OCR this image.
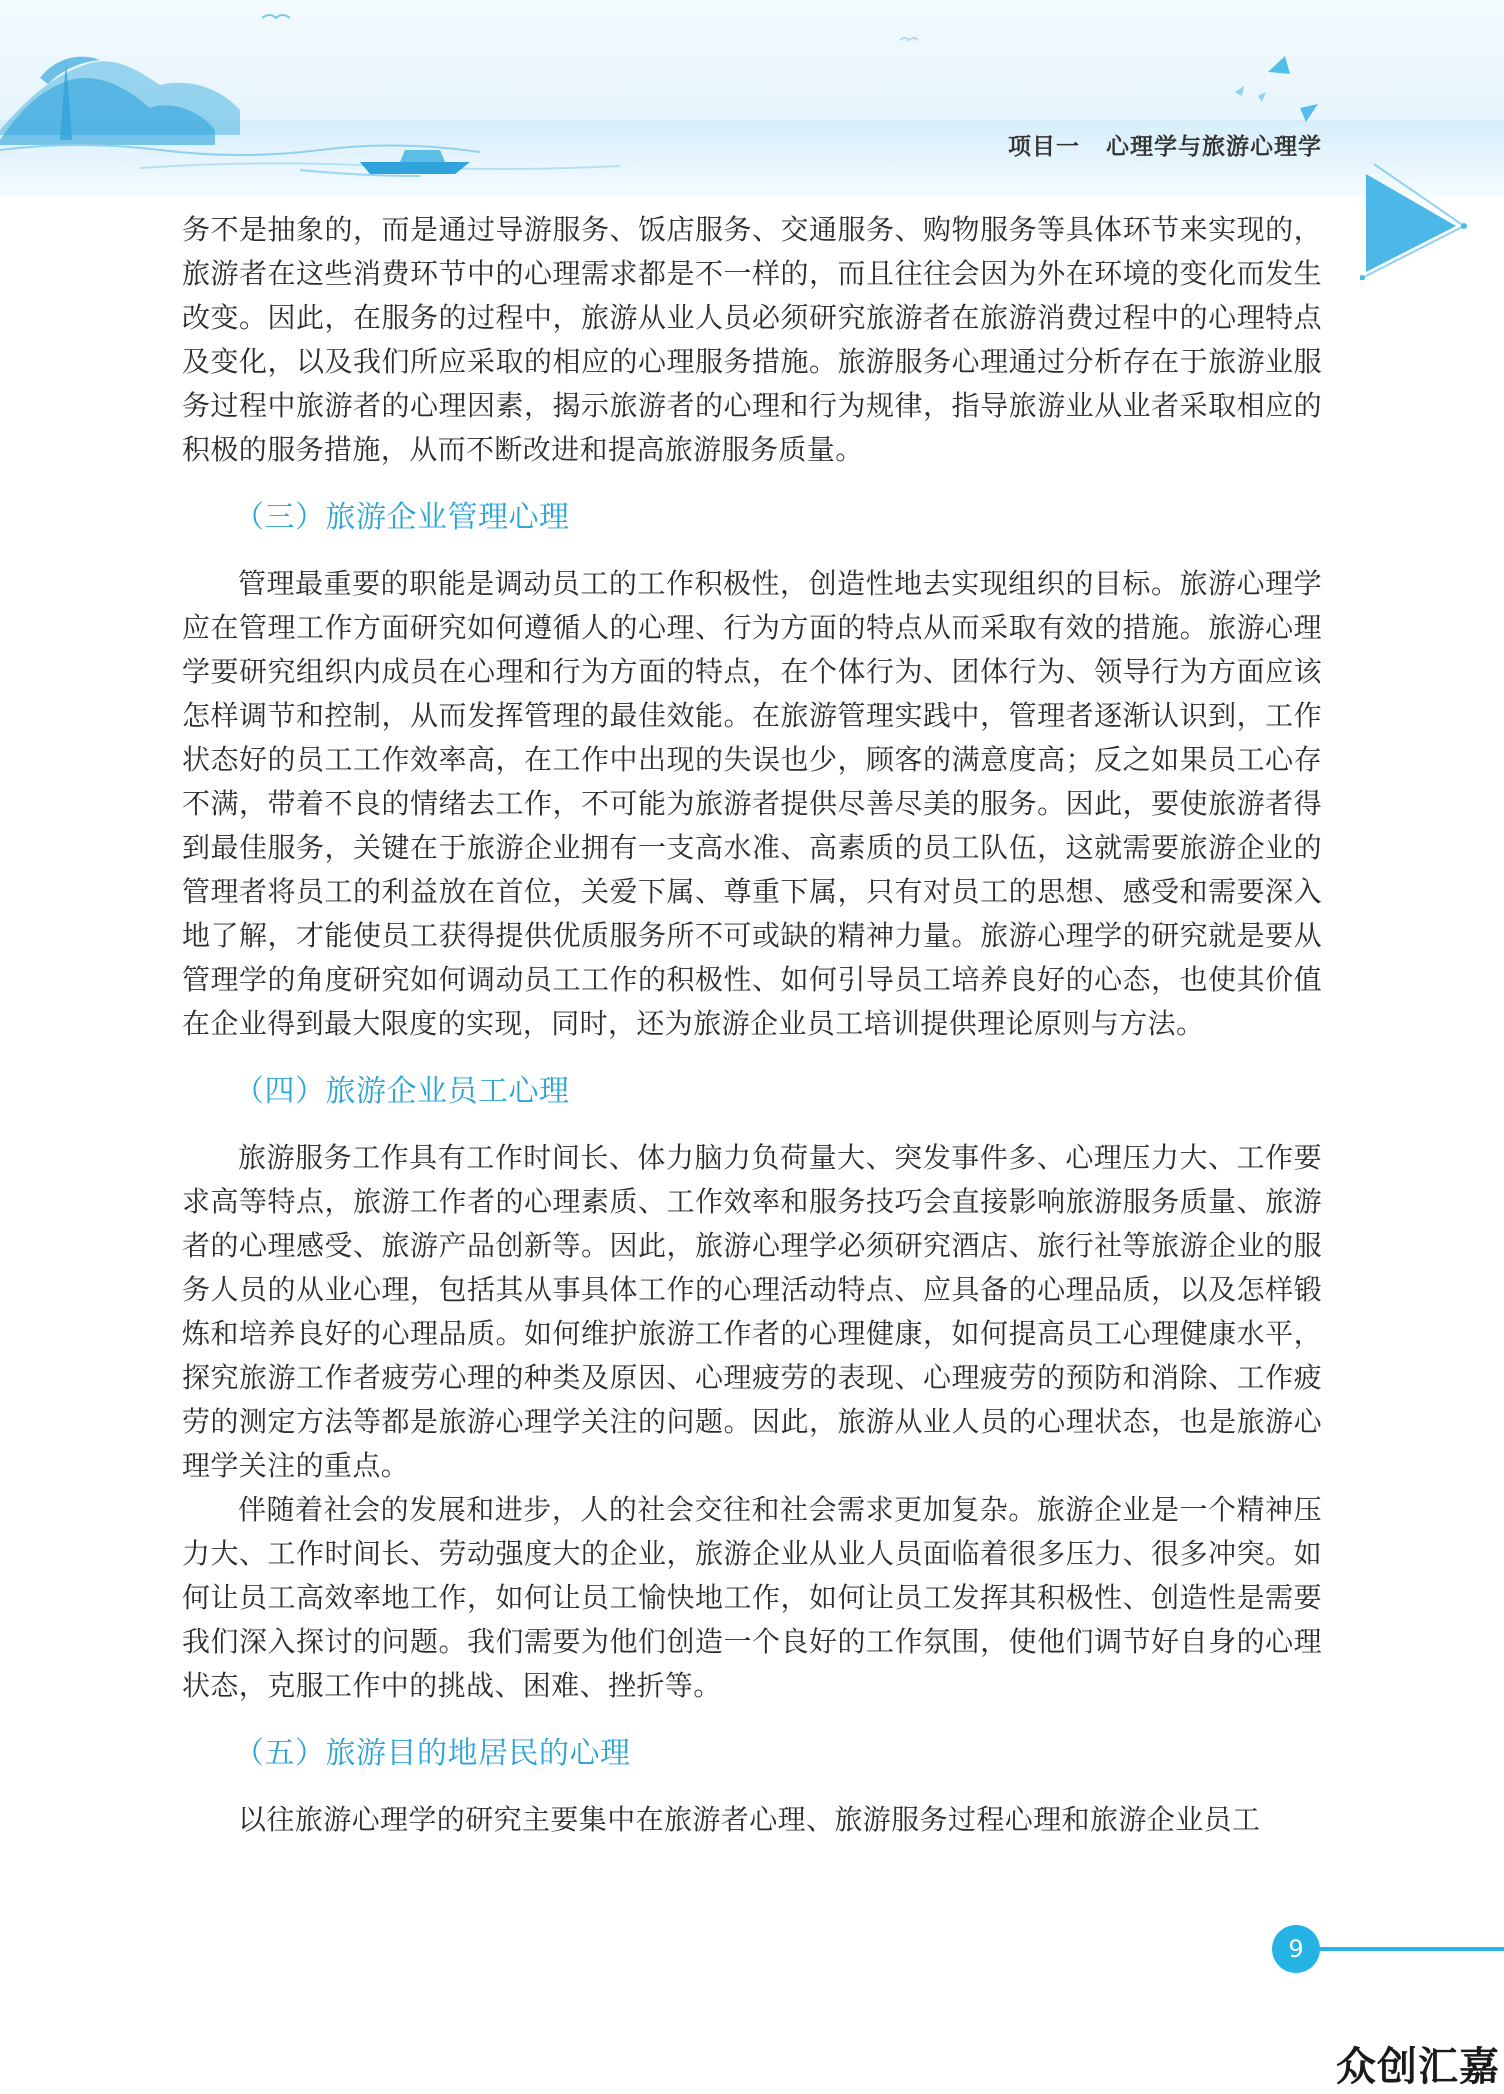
项目一 心理学与旅游心理学

务不是抽象的，而是通过导游服务、饭店服务、交通服务、购物服务等具体环节来实现的，旅游者在这些消费环节中的心理需求都是不一样的，而且往往会因为外在环境的变化而发生改变。因此，在服务的过程中，旅游从业人员必须研究旅游者在旅游消费过程中的心理特点及变化，以及我们所应采取的相应的心理服务措施。旅游服务心理通过分析存在于旅游业服务过程中旅游者的心理因素，揭示旅游者的心理和行为规律，指导旅游业从业者采取相应的积极的服务措施，从而不断改进和提高旅游服务质量。

（三）旅游企业管理心理

管理最重要的职能是调动员工的工作积极性，创造性地去实现组织的目标。旅游心理学应在管理工作方面研究如何遵循人的心理、行为方面的特点从而采取有效的措施。旅游心理学要研究组织内成员在心理和行为方面的特点，在个体行为、团体行为、领导行为方面应该怎样调节和控制，从而发挥管理的最佳效能。在旅游管理实践中，管理者逐渐认识到，工作状态好的员工工作效率高，在工作中出现的失误也少，顾客的满意度高；反之如果员工心存不满，带着不良的情绪去工作，不可能为旅游者提供尽善尽美的服务。因此，要使旅游者得到最佳服务，关键在于旅游企业拥有一支高水准、高素质的员工队伍，这就需要旅游企业的管理者将员工的利益放在首位，关爱下属、尊重下属，只有对员工的思想、感受和需要深入地了解，才能使员工获得提供优质服务所不可或缺的精神力量。旅游心理学的研究就是要从管理学的角度研究如何调动员工工作的积极性、如何引导员工培养良好的心态，也使其价值在企业得到最大限度的实现，同时，还为旅游企业员工培训提供理论原则与方法。

（四）旅游企业员工心理

旅游服务工作具有工作时间长、体力脑力负荷量大、突发事件多、心理压力大、工作要求高等特点，旅游工作者的心理素质、工作效率和服务技巧会直接影响旅游服务质量、旅游者的心理感受、旅游产品创新等。因此，旅游心理学必须研究酒店、旅行社等旅游企业的服务人员的从业心理，包括其从事具体工作的心理活动特点、应具备的心理品质，以及怎样锻炼和培养良好的心理品质。如何维护旅游工作者的心理健康，如何提高员工心理健康水平，探究旅游工作者疲劳心理的种类及原因、心理疲劳的表现、心理疲劳的预防和消除、工作疲劳的测定方法等都是旅游心理学关注的问题。因此，旅游从业人员的心理状态，也是旅游心理学关注的重点。

伴随着社会的发展和进步，人的社会交往和社会需求更加复杂。旅游企业是一个精神压力大、工作时间长、劳动强度大的企业，旅游企业从业人员面临着很多压力、很多冲突。如何让员工高效率地工作，如何让员工愉快地工作，如何让员工发挥其积极性、创造性是需要我们深入探讨的问题。我们需要为他们创造一个良好的工作氛围，使他们调节好自身的心理状态，克服工作中的挑战、困难、挫折等。

（五）旅游目的地居民的心理

以往旅游心理学的研究主要集中在旅游者心理、旅游服务过程心理和旅游企业员工

9
众创汇嘉
